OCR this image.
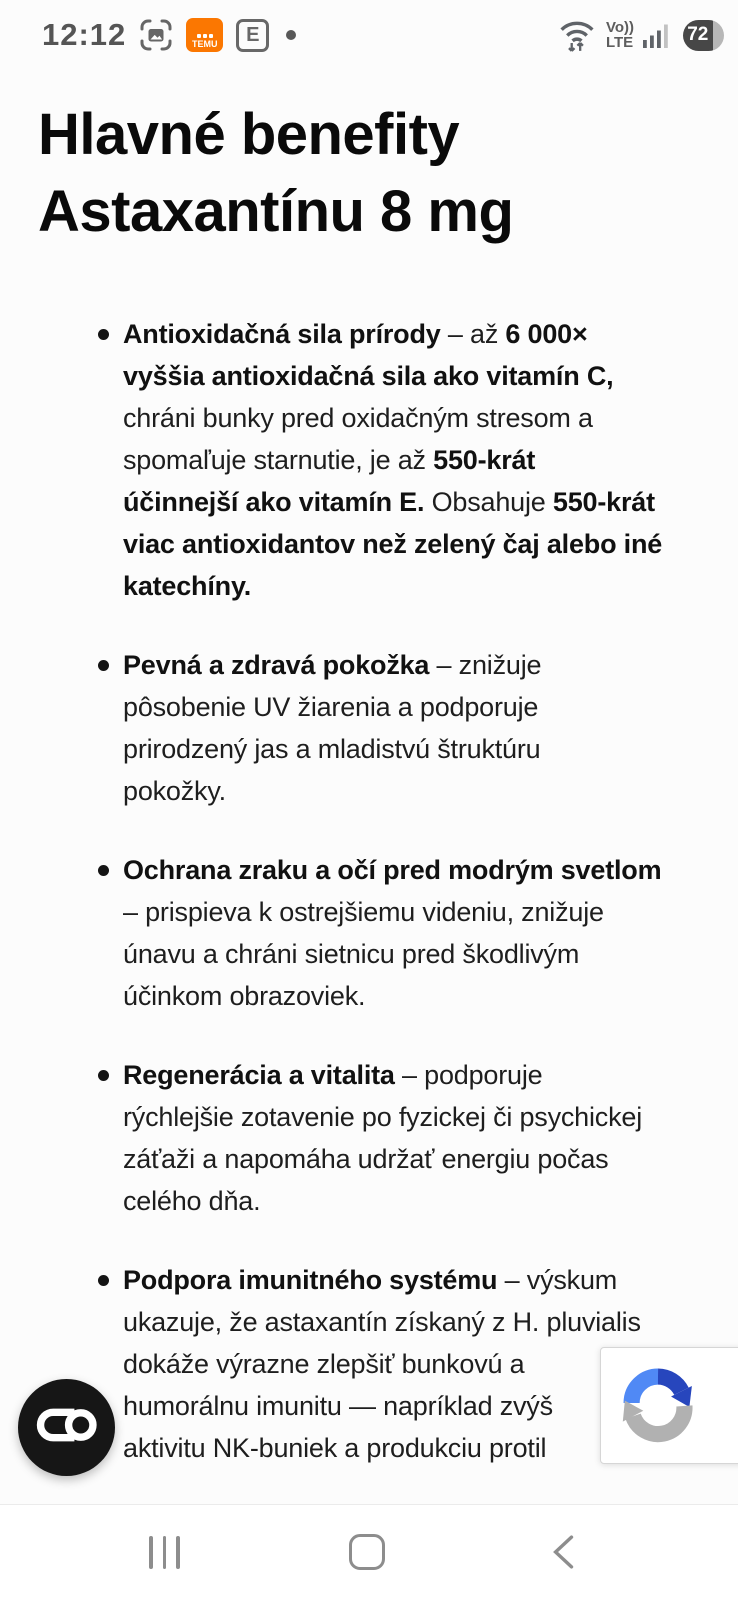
12:12	TEMU E	Vo))
LTE	72
Hlavné benefity
Astaxantínu 8 mg
Antioxidačná sila prírody – až 6 000×
vyššia antioxidačná sila ako vitamín C,
chráni bunky pred oxidačným stresom a
spomaľuje starnutie, je až 550-krát
účinnejší ako vitamín E. Obsahuje 550-krát
viac antioxidantov než zelený čaj alebo iné
katechíny.
Pevná a zdravá pokožka – znižuje
pôsobenie UV žiarenia a podporuje
prirodzený jas a mladistvú štruktúru
pokožky.
Ochrana zraku a očí pred modrým svetlom
– prispieva k ostrejšiemu videniu, znižuje
únavu a chráni sietnicu pred škodlivým
účinkom obrazoviek.
Regenerácia a vitalita – podporuje
rýchlejšie zotavenie po fyzickej či psychickej
záťaži a napomáha udržať energiu počas
celého dňa.
Podpora imunitného systému – výskum
ukazuje, že astaxantín získaný z H. pluvialis
dokáže výrazne zlepšiť bunkovú a
humorálnu imunitu — napríklad zvýš
aktivitu NK-buniek a produkciu protil
